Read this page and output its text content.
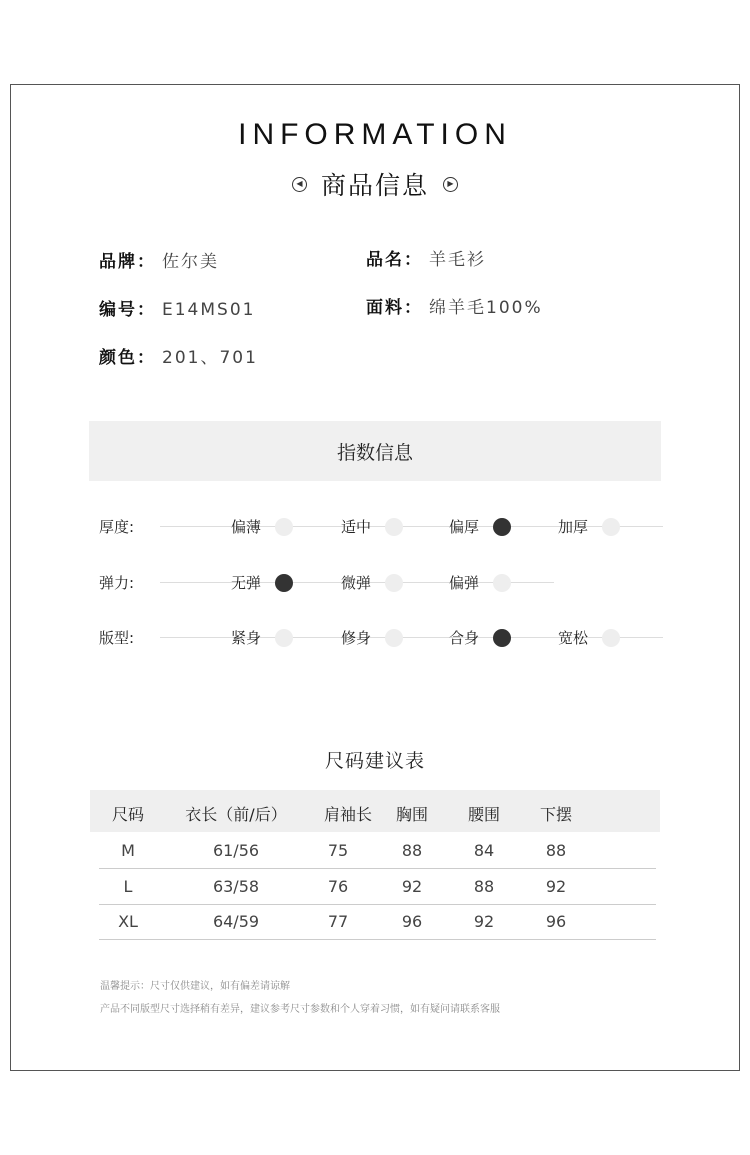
INFORMATION
◀ 商品信息	▶
品牌： 佐尔美	品名： 羊毛衫
编号： E14MS01	面料： 绵羊毛100%
颜色： 201、701
指数信息
厚度:	偏薄	适中	偏厚	加厚
弹力:	无弹	微弹	偏弹
版型:	紧身	修身	合身	宽松
尺码建议表
尺码	衣长（前/后）	肩袖长	胸围	腰围	下摆
M	61/56	75	88	84	88
L	63/58	76	92	88	92
XL	64/59	77	96	92	96
温馨提示：尺寸仅供建议，如有偏差请谅解
产品不同版型尺寸选择稍有差异，建议参考尺寸参数和个人穿着习惯，如有疑问请联系客服
